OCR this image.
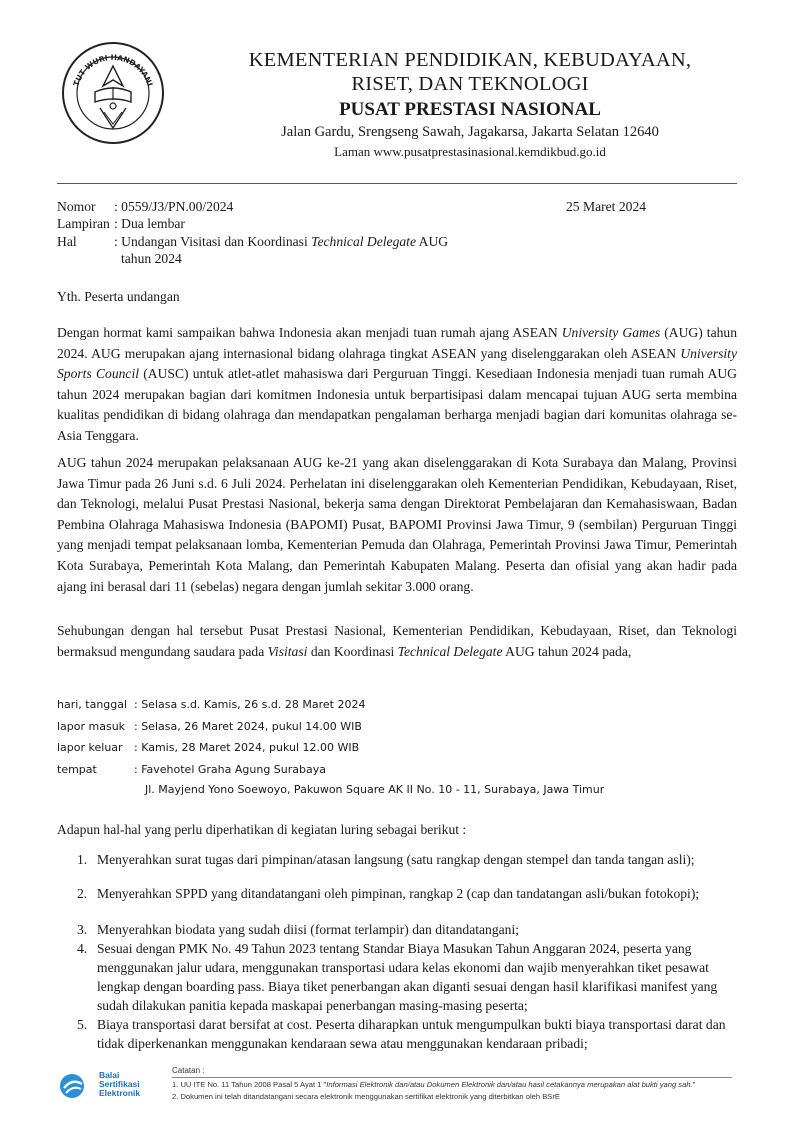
TUT WURI HANDAYANI
KEMENTERIAN PENDIDIKAN, KEBUDAYAAN,
RISET, DAN TEKNOLOGI
PUSAT PRESTASI NASIONAL
Jalan Gardu, Srengseng Sawah, Jagakarsa, Jakarta Selatan 12640
Laman www.pusatprestasinasional.kemdikbud.go.id
Nomor : 0559/J3/PN.00/2024	25 Maret 2024
Lampiran : Dua lembar
Hal	: Undangan Visitasi dan Koordinasi Technical Delegate AUG
tahun 2024
Yth. Peserta undangan

Dengan hormat kami sampaikan bahwa Indonesia akan menjadi tuan rumah ajang ASEAN University Games (AUG) tahun 2024. AUG merupakan ajang internasional bidang olahraga tingkat ASEAN yang diselenggarakan oleh ASEAN University Sports Council (AUSC) untuk atlet-atlet mahasiswa dari Perguruan Tinggi. Kesediaan Indonesia menjadi tuan rumah AUG tahun 2024 merupakan bagian dari komitmen Indonesia untuk berpartisipasi dalam mencapai tujuan AUG serta membina kualitas pendidikan di bidang olahraga dan mendapatkan pengalaman berharga menjadi bagian dari komunitas olahraga se-Asia Tenggara.

AUG tahun 2024 merupakan pelaksanaan AUG ke-21 yang akan diselenggarakan di Kota Surabaya dan Malang, Provinsi Jawa Timur pada 26 Juni s.d. 6 Juli 2024. Perhelatan ini diselenggarakan oleh Kementerian Pendidikan, Kebudayaan, Riset, dan Teknologi, melalui Pusat Prestasi Nasional, bekerja sama dengan Direktorat Pembelajaran dan Kemahasiswaan, Badan Pembina Olahraga Mahasiswa Indonesia (BAPOMI) Pusat, BAPOMI Provinsi Jawa Timur, 9 (sembilan) Perguruan Tinggi yang menjadi tempat pelaksanaan lomba, Kementerian Pemuda dan Olahraga, Pemerintah Provinsi Jawa Timur, Pemerintah Kota Surabaya, Pemerintah Kota Malang, dan Pemerintah Kabupaten Malang. Peserta dan ofisial yang akan hadir pada ajang ini berasal dari 11 (sebelas) negara dengan jumlah sekitar 3.000 orang.

Sehubungan dengan hal tersebut Pusat Prestasi Nasional, Kementerian Pendidikan, Kebudayaan, Riset, dan Teknologi bermaksud mengundang saudara pada Visitasi dan Koordinasi Technical Delegate AUG tahun 2024 pada,

hari, tanggal : Selasa s.d. Kamis, 26 s.d. 28 Maret 2024
lapor masuk : Selasa, 26 Maret 2024, pukul 14.00 WIB
lapor keluar : Kamis, 28 Maret 2024, pukul 12.00 WIB
tempat	: Favehotel Graha Agung Surabaya
Jl. Mayjend Yono Soewoyo, Pakuwon Square AK II No. 10 - 11, Surabaya, Jawa Timur
Adapun hal-hal yang perlu diperhatikan di kegiatan luring sebagai berikut :
1. Menyerahkan surat tugas dari pimpinan/atasan langsung (satu rangkap dengan stempel dan tanda tangan asli);
2. Menyerahkan SPPD yang ditandatangani oleh pimpinan, rangkap 2 (cap dan tandatangan asli/bukan fotokopi);
3. Menyerahkan biodata yang sudah diisi (format terlampir) dan ditandatangani;
4. Sesuai dengan PMK No. 49 Tahun 2023 tentang Standar Biaya Masukan Tahun Anggaran 2024, peserta yang menggunakan jalur udara, menggunakan transportasi udara kelas ekonomi dan wajib menyerahkan tiket pesawat lengkap dengan boarding pass. Biaya tiket penerbangan akan diganti sesuai dengan hasil klarifikasi manifest yang sudah dilakukan panitia kepada maskapai penerbangan masing-masing peserta;
5. Biaya transportasi darat bersifat at cost. Peserta diharapkan untuk mengumpulkan bukti biaya transportasi darat dan tidak diperkenankan menggunakan kendaraan sewa atau menggunakan kendaraan pribadi;
Balai
Sertifikasi
Elektronik
Catatan :
1. UU ITE No. 11 Tahun 2008 Pasal 5 Ayat 1 "Informasi Elektronik dan/atau Dokumen Elektronik dan/atau hasil cetakannya merupakan alat bukti yang sah."
2. Dokumen ini telah ditandatangani secara elektronik menggunakan sertifikat elektronik yang diterbitkan oleh BSrE
